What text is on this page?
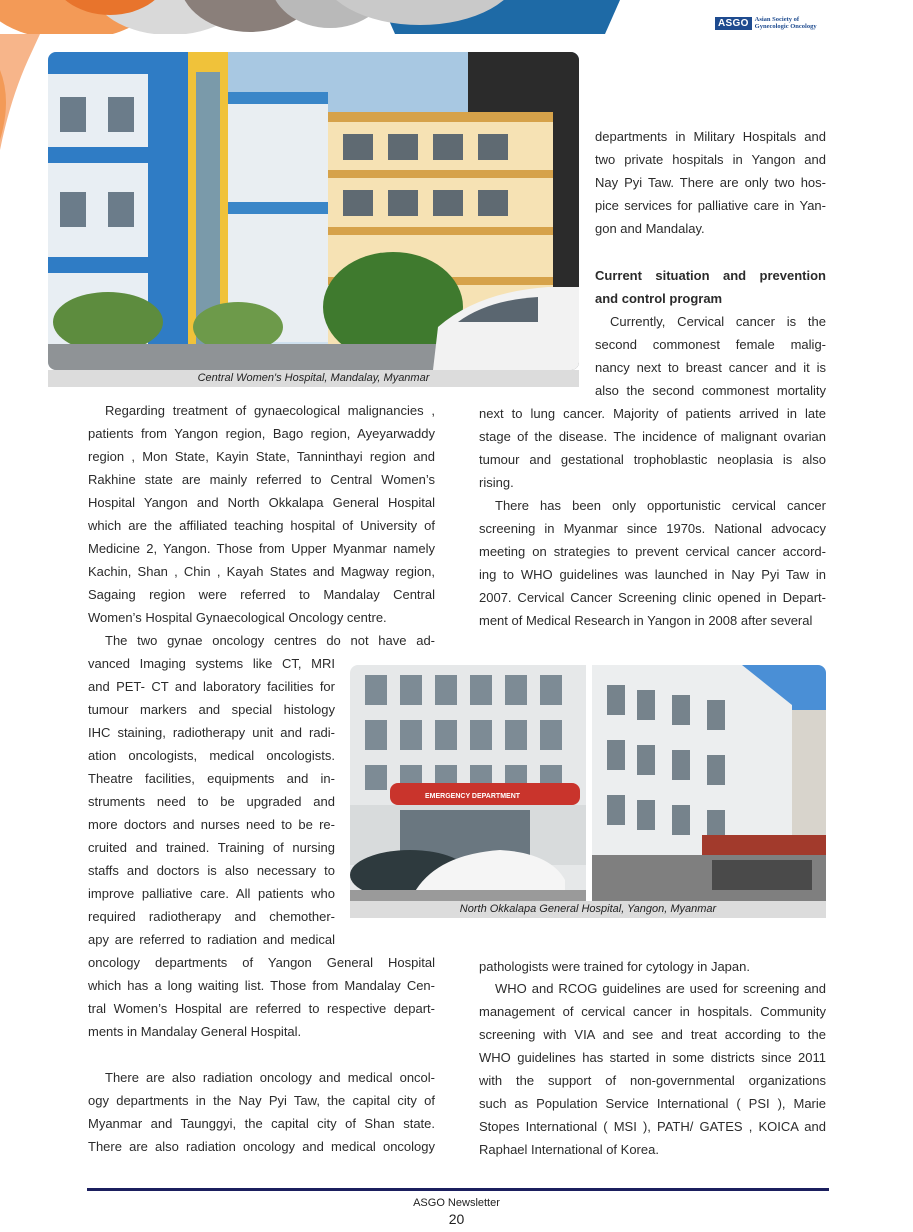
ASGO Asian Society of
Gynecologic Oncology
Central Women's Hospital, Mandalay, Myanmar
departments in Military Hospitals and
two private hospitals in Yangon and
Nay Pyi Taw. There are only two hos-
pice services for palliative care in Yan-
gon and Mandalay.
Current situation and prevention
and control program
Currently, Cervical cancer is the
second commonest female malig-
nancy next to breast cancer and it is
also the second commonest mortality
next to lung cancer. Majority of patients arrived in late
stage of the disease. The incidence of malignant ovarian
tumour and gestational trophoblastic neoplasia is also
rising.
There has been only opportunistic cervical cancer
screening in Myanmar since 1970s. National advocacy
meeting on strategies to prevent cervical cancer accord-
ing to WHO guidelines was launched in Nay Pyi Taw in
2007. Cervical Cancer Screening clinic opened in Depart-
ment of Medical Research in Yangon in 2008 after several
Regarding treatment of gynaecological malignancies ,
patients from Yangon region, Bago region, Ayeyarwaddy
region , Mon State, Kayin State, Tanninthayi region and
Rakhine state are mainly referred to Central Women’s
Hospital Yangon and North Okkalapa General Hospital
which are the affiliated teaching hospital of University of
Medicine 2, Yangon. Those from Upper Myanmar namely
Kachin, Shan , Chin , Kayah States and Magway region,
Sagaing region were referred to Mandalay Central
Women’s Hospital Gynaecological Oncology centre.
The two gynae oncology centres do not have ad-
vanced Imaging systems like CT, MRI
and PET- CT and laboratory facilities for
tumour markers and special histology
IHC staining, radiotherapy unit and radi-
ation oncologists, medical oncologists.
Theatre facilities, equipments and in-
struments need to be upgraded and
more doctors and nurses need to be re-
cruited and trained. Training of nursing
staffs and doctors is also necessary to
improve palliative care. All patients who
required radiotherapy and chemother-
apy are referred to radiation and medical
oncology departments of Yangon General Hospital
which has a long waiting list. Those from Mandalay Cen-
tral Women’s Hospital are referred to respective depart-
ments in Mandalay General Hospital.
There are also radiation oncology and medical oncol-
ogy departments in the Nay Pyi Taw, the capital city of
Myanmar and Taunggyi, the capital city of Shan state.
There are also radiation oncology and medical oncology
EMERGENCY DEPARTMENT
North Okkalapa General Hospital, Yangon, Myanmar
pathologists were trained for cytology in Japan.
WHO and RCOG guidelines are used for screening and
management of cervical cancer in hospitals. Community
screening with VIA and see and treat according to the
WHO guidelines has started in some districts since 2011
with the support of non-governmental organizations
such as Population Service International ( PSI ), Marie
Stopes International ( MSI ), PATH/ GATES , KOICA and
Raphael International of Korea.
ASGO Newsletter
20
